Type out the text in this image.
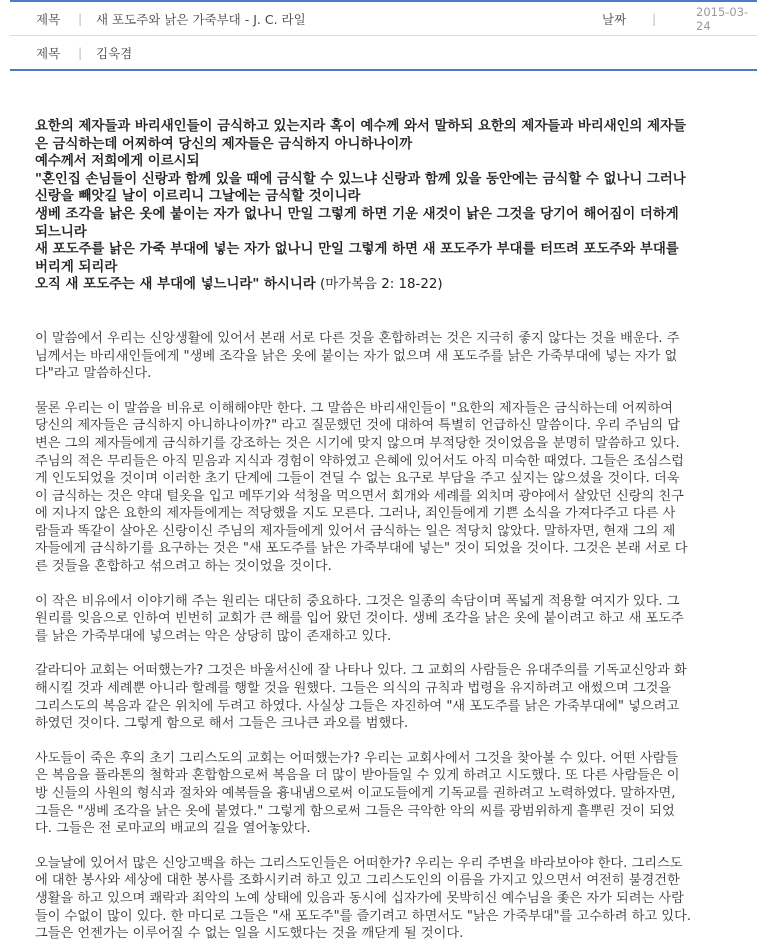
제목 | 새 포도주와 낡은 가죽부대 - J. C. 라일	날짜 |	2015-03-24
제목 | 김욱겸

요한의 제자들과 바리새인들이 금식하고 있는지라 혹이 예수께 와서 말하되 요한의 제자들과 바리새인의 제자들
은 금식하는데 어찌하여 당신의 제자들은 금식하지 아니하나이까
예수께서 저희에게 이르시되
"혼인집 손님들이 신랑과 함께 있을 때에 금식할 수 있느냐 신랑과 함께 있을 동안에는 금식할 수 없나니 그러나
신랑을 빼앗길 날이 이르리니 그날에는 금식할 것이니라
생베 조각을 낡은 옷에 붙이는 자가 없나니 만일 그렇게 하면 기운 새것이 낡은 그것을 당기어 해어짐이 더하게
되느니라
새 포도주를 낡은 가죽 부대에 넣는 자가 없나니 만일 그렇게 하면 새 포도주가 부대를 터뜨려 포도주와 부대를
버리게 되리라
오직 새 포도주는 새 부대에 넣느니라" 하시니라 (마가복음 2: 18-22)

이 말씀에서 우리는 신앙생활에 있어서 본래 서로 다른 것을 혼합하려는 것은 지극히 좋지 않다는 것을 배운다. 주
님께서는 바리새인들에게 "생베 조각을 낡은 옷에 붙이는 자가 없으며 새 포도주를 낡은 가죽부대에 넣는 자가 없
다"라고 말씀하신다.

물론 우리는 이 말씀을 비유로 이해해야만 한다. 그 말씀은 바리새인들이 "요한의 제자들은 금식하는데 어찌하여
당신의 제자들은 금식하지 아니하나이까?" 라고 질문했던 것에 대하여 특별히 언급하신 말씀이다. 우리 주님의 답
변은 그의 제자들에게 금식하기를 강조하는 것은 시기에 맞지 않으며 부적당한 것이었음을 분명히 말씀하고 있다.
주님의 적은 무리들은 아직 믿음과 지식과 경험이 약하였고 은혜에 있어서도 아직 미숙한 때였다. 그들은 조심스럽
게 인도되었을 것이며 이러한 초기 단계에 그들이 견딜 수 없는 요구로 부담을 주고 싶지는 않으셨을 것이다. 더욱
이 금식하는 것은 약대 털옷을 입고 메뚜기와 석청을 먹으면서 회개와 세례를 외치며 광야에서 살았던 신랑의 친구
에 지나지 않은 요한의 제자들에게는 적당했을 지도 모른다. 그러나, 죄인들에게 기쁜 소식을 가져다주고 다른 사
람들과 똑같이 살아온 신랑이신 주님의 제자들에게 있어서 금식하는 일은 적당치 않았다. 말하자면, 현재 그의 제
자들에게 금식하기를 요구하는 것은 "새 포도주를 낡은 가죽부대에 넣는" 것이 되었을 것이다. 그것은 본래 서로 다
른 것들을 혼합하고 섞으려고 하는 것이었을 것이다.

이 작은 비유에서 이야기해 주는 원리는 대단히 중요하다. 그것은 일종의 속담이며 폭넓게 적용할 여지가 있다. 그
원리를 잊음으로 인하여 빈번히 교회가 큰 해를 입어 왔던 것이다. 생베 조각을 낡은 옷에 붙이려고 하고 새 포도주
를 낡은 가죽부대에 넣으려는 악은 상당히 많이 존재하고 있다.

갈라디아 교회는 어떠했는가? 그것은 바울서신에 잘 나타나 있다. 그 교회의 사람들은 유대주의를 기독교신앙과 화
해시킬 것과 세례뿐 아니라 할례를 행할 것을 원했다. 그들은 의식의 규칙과 법령을 유지하려고 애썼으며 그것을
그리스도의 복음과 같은 위치에 두려고 하였다. 사실상 그들은 자진하여 "새 포도주를 낡은 가죽부대에" 넣으려고
하였던 것이다. 그렇게 함으로 해서 그들은 크나큰 과오를 범했다.

사도들이 죽은 후의 초기 그리스도의 교회는 어떠했는가? 우리는 교회사에서 그것을 찾아볼 수 있다. 어떤 사람들
은 복음을 플라톤의 철학과 혼합함으로써 복음을 더 많이 받아들일 수 있게 하려고 시도했다. 또 다른 사람들은 이
방 신들의 사원의 형식과 절차와 예복들을 흉내냄으로써 이교도들에게 기독교를 권하려고 노력하였다. 말하자면,
그들은 "생베 조각을 낡은 옷에 붙였다." 그렇게 함으로써 그들은 극악한 악의 씨를 광범위하게 흩뿌린 것이 되었
다. 그들은 전 로마교의 배교의 길을 열어놓았다.

오늘날에 있어서 많은 신앙고백을 하는 그리스도인들은 어떠한가? 우리는 우리 주변을 바라보아야 한다. 그리스도
에 대한 봉사와 세상에 대한 봉사를 조화시키려 하고 있고 그리스도인의 이름을 가지고 있으면서 여전히 불경건한
생활을 하고 있으며 쾌락과 죄악의 노예 상태에 있음과 동시에 십자가에 못박히신 예수님을 좇은 자가 되려는 사람
들이 수없이 많이 있다. 한 마디로 그들은 "새 포도주"를 즐기려고 하면서도 "낡은 가죽부대"를 고수하려 하고 있다.
그들은 언젠가는 이루어질 수 없는 일을 시도했다는 것을 깨닫게 될 것이다.
